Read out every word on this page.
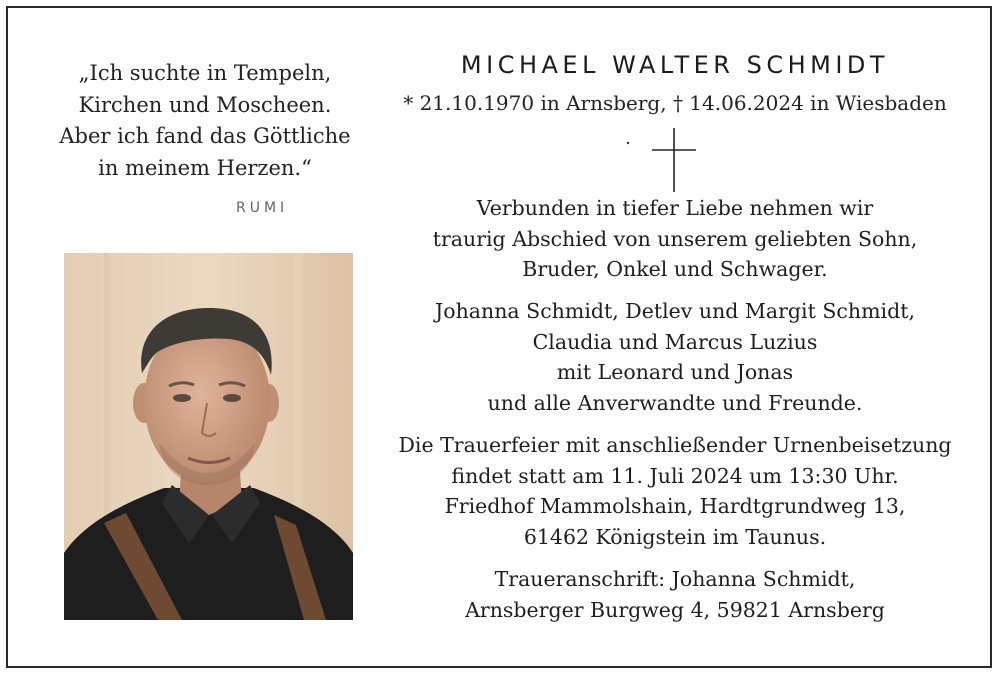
„Ich suchte in Tempeln,
Kirchen und Moscheen.
Aber ich fand das Göttliche
in meinem Herzen.“
RUMI
MICHAEL WALTER SCHMIDT
* 21.10.1970 in Arnsberg, † 14.06.2024 in Wiesbaden
Verbunden in tiefer Liebe nehmen wir
traurig Abschied von unserem geliebten Sohn,
Bruder, Onkel und Schwager.
Johanna Schmidt, Detlev und Margit Schmidt,
Claudia und Marcus Luzius
mit Leonard und Jonas
und alle Anverwandte und Freunde.
Die Trauerfeier mit anschließender Urnenbeisetzung
findet statt am 11. Juli 2024 um 13:30 Uhr.
Friedhof Mammolshain, Hardtgrundweg 13,
61462 Königstein im Taunus.
Traueranschrift: Johanna Schmidt,
Arnsberger Burgweg 4, 59821 Arnsberg
